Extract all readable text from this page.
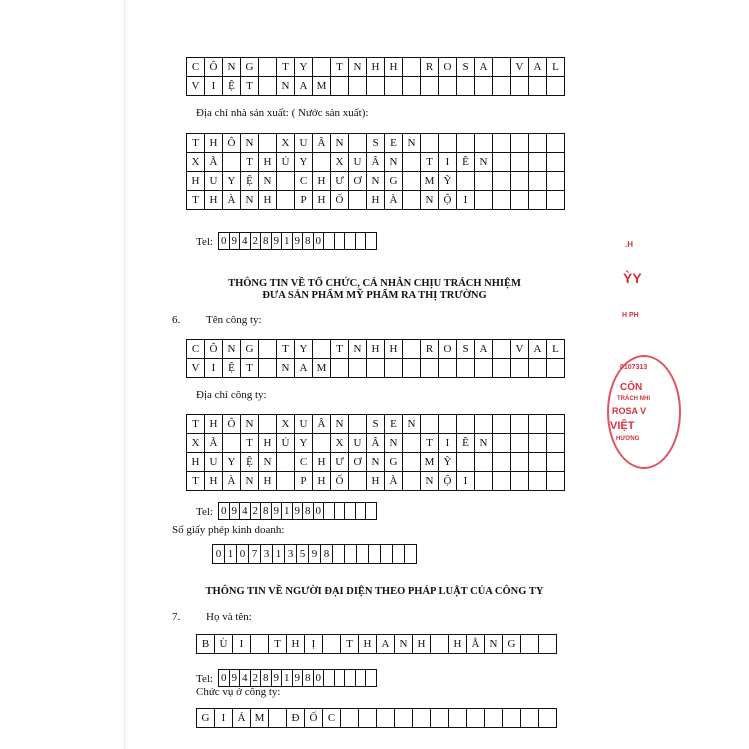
C Ô N G	T Y	T N H H	R O S A	V A L
V	I	Ệ	T	N A M
Địa chỉ nhà sản xuất: ( Nước sản xuất):
T H Ô N	X U Â N	S	E N
X Ã	T H Ủ Y	X U Â N	T	I	Ê N
H U Y Ệ N	C H Ư Ơ N G	M Ỹ
T H À N H	P H Ố	H À	N Ộ	I
Tel: 0 9 4 2 8 9 1 9 8 0
THÔNG TIN VỀ TỔ CHỨC, CÁ NHÂN CHỊU TRÁCH NHIỆM
ĐƯA SẢN PHẨM MỸ PHẨM RA THỊ TRƯỜNG
6. Tên công ty:
C Ô N G	T Y	T N H H	R O S A	V A L
V	I	Ệ	T	N A M
Địa chỉ công ty:
T H Ô N	X U Â N	S	E N
X Ã	T H Ủ Y	X U Â N	T	I	Ê N
H U Y Ệ N	C H Ư Ơ N G	M Ỹ
T H À N H	P H Ố	H À	N Ộ	I
Tel: 0 9 4 2 8 9 1 9 8 0
Số giấy phép kinh doanh:
0 1 0 7 3 1 3 5 9 8
THÔNG TIN VỀ NGƯỜI ĐẠI DIỆN THEO PHÁP LUẬT CỦA CÔNG TY
7. Họ và tên:
B Ù	I	T H	Ị	T H A N H	H Ằ N G
Tel: 0 9 4 2 8 9 1 9 8 0
Chức vụ ở công ty:
G	I	Á M	Đ Ố C
.H
ỲY
H PH
0107313
CÔN
TRÁCH NHI
ROSA V
VIỆT
HƯƠNG
